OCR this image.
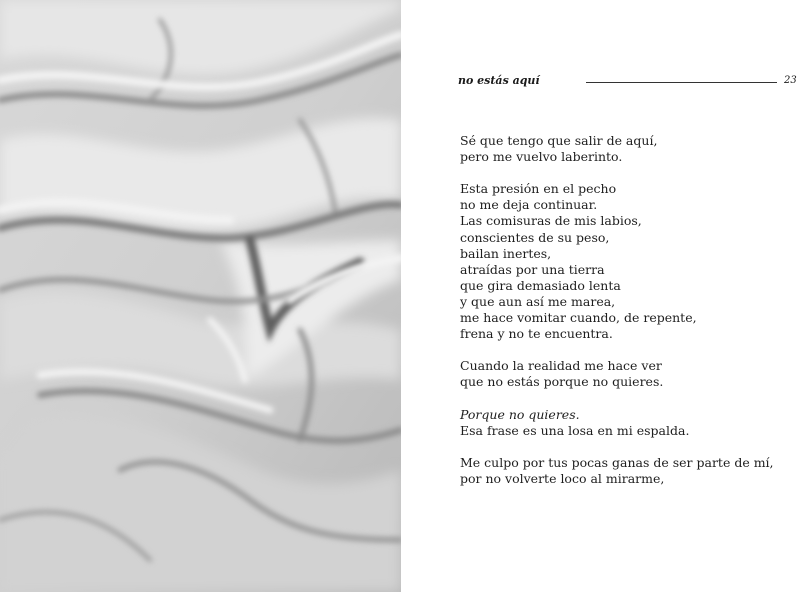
no estás aquí	23
Sé que tengo que salir de aquí,
pero me vuelvo laberinto.
Esta presión en el pecho
no me deja continuar.
Las comisuras de mis labios,
conscientes de su peso,
bailan inertes,
atraídas por una tierra
que gira demasiado lenta
y que aun así me marea,
me hace vomitar cuando, de repente,
frena y no te encuentra.
Cuando la realidad me hace ver
que no estás porque no quieres.
Porque no quieres.
Esa frase es una losa en mi espalda.
Me culpo por tus pocas ganas de ser parte de mí,
por no volverte loco al mirarme,
